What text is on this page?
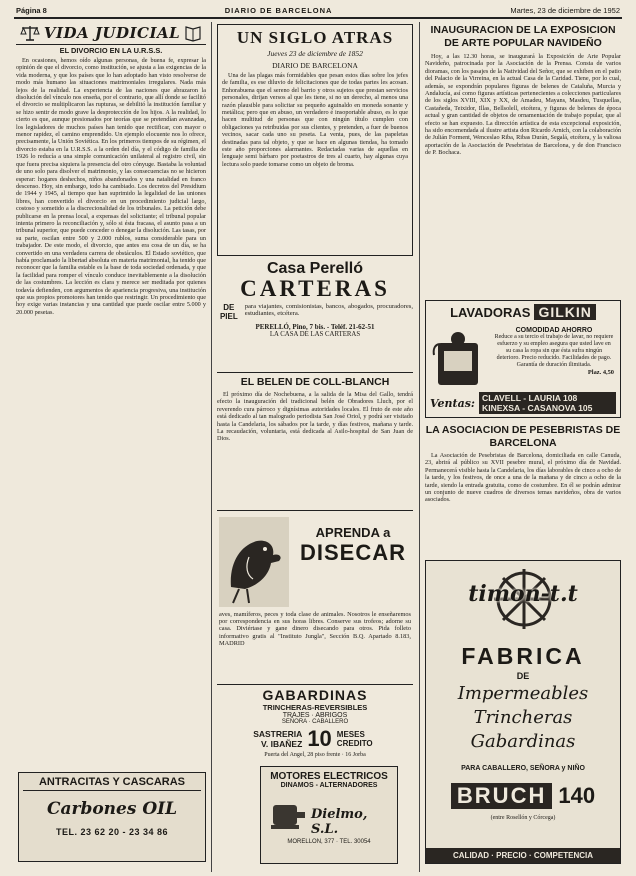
Página 8	DIARIO DE BARCELONA	Martes, 23 de diciembre de 1952
VIDA JUDICIAL
EL DIVORCIO EN LA U.R.S.S.
En ocasiones, hemos oído algunas personas, de buena fe, expresar la opinión de que el divorcio, como institución, se ajusta a las exigencias de la vida moderna, y que los países que lo han adoptado han visto resolverse de modo más humano las situaciones matrimoniales irregulares. Nada más lejos de la realidad. La experiencia de las naciones que abrazaron la disolución del vínculo nos enseña, por el contrario, que allí donde se facilitó el divorcio se multiplicaron las rupturas, se debilitó la institución familiar y se hizo sentir de modo grave la desprotección de los hijos. A la realidad, lo cierto es que, aunque presionados por teorías que se pretendían avanzadas, los legisladores de muchos países han tenido que rectificar, con mayor o menor rapidez, el camino emprendido. Un ejemplo elocuente nos lo ofrece, precisamente, la Unión Soviética. En los primeros tiempos de su régimen, el divorcio estaba en la U.R.S.S. a la orden del día, y el código de familia de 1926 lo reducía a una simple comunicación unilateral al registro civil, sin que fuera precisa siquiera la presencia del otro cónyuge. Bastaba la voluntad de uno solo para disolver el matrimonio, y las consecuencias no se hicieron esperar: hogares deshechos, niños abandonados y una natalidad en franco descenso. Hoy, sin embargo, todo ha cambiado. Los decretos del Presidium de 1944 y 1945, al tiempo que han suprimido la legalidad de las uniones libres, han convertido el divorcio en un procedimiento judicial largo, costoso y sometido a la discrecionalidad de los tribunales. La petición debe publicarse en la prensa local, a expensas del solicitante; el tribunal popular intenta primero la reconciliación y, sólo si ésta fracasa, el asunto pasa a un tribunal superior, que puede conceder o denegar la disolución. Las tasas, por su parte, oscilan entre 500 y 2.000 rublos, suma considerable para un trabajador. De este modo, el divorcio, que antes era cosa de un día, se ha convertido en una verdadera carrera de obstáculos. El Estado soviético, que había proclamado la libertad absoluta en materia matrimonial, ha tenido que reconocer que la familia estable es la base de toda sociedad ordenada, y que la facilidad para romper el vínculo conduce inevitablemente a la disolución de las costumbres. La lección es clara y merece ser meditada por quienes todavía defienden, con argumentos de apariencia progresiva, una institución que sus propios promotores han tenido que restringir. Un procedimiento que hoy exige varias instancias y una cantidad que puede oscilar entre 5.000 y 20.000 pesetas.
ANTRACITAS Y CASCARAS
Carbones OIL
TEL. 23 62 20 - 23 34 86
UN SIGLO ATRAS
Jueves 23 de diciembre de 1852
DIARIO DE BARCELONA
Una de las plagas más formidables que pesan estos días sobre los jefes de familia, es ese diluvio de felicitaciones que de todas partes les acosan. Enhorabuena que el sereno del barrio y otros sujetos que prestan servicios personales, dirijan versos al que les tiene, si no un derecho, al menos una razón plausible para solicitar su pequeño aguinaldo en moneda sonante y metálica; pero que en abuso, un verdadero é insoportable abuso, es lo que hacen multitud de personas que con ningún título cumplen con obligaciones ya retribuidas por sus clientes, y pretenden, a fuer de buenos vecinos, sacar cada uno su peseta. La venta, pues, de las papeletas destinadas para tal objeto, y que se hace en algunas tiendas, ha tomado este año proporciones alarmantes. Redactadas varias de aquellas en lenguaje semi bárbaro por poetastros de tres al cuarto, hay algunas cuya lectura solo puede tomarse como un objeto de broma.
Casa Perelló
CARTERAS
DE PIEL
para viajantes, comisionistas, bancos, abogados, procuradores, estudiantes, etcétera.
PERELLÓ, Pino, 7 bis. - Teléf. 21-62-51
LA CASA DE LAS CARTERAS
EL BELEN DE COLL-BLANCH
El próximo día de Nochebuena, a la salida de la Misa del Gallo, tendrá efecto la inauguración del tradicional belén de Obradores Lluch, por el reverendo cura párroco y dignísimas autoridades locales. El fruto de este año está dedicado al tan malogrado periodista San José Oriol, y podrá ser visitado hasta la Candelaria, los sábados por la tarde, y días festivos, mañana y tarde. La recaudación, voluntaria, está dedicada al Asilo-hospital de San Juan de Dios.
APRENDA a
DISECAR
aves, mamíferos, peces y toda clase de animales. Nosotros le enseñaremos por correspondencia en sus horas libres. Conserve sus trofeos; adorne su casa. Diviértase y gane dinero disecando para otros. Pida folleto informativo gratis al "Instituto Jungla", Sección B.Q. Apartado 8.183, MADRID
GABARDINAS
TRINCHERAS-REVERSIBLES
TRAJES · ABRIGOS
SEÑORA · CABALLERO
SASTRERIA
V. IBAÑEZ 10 MESES CREDITO
Puerta del Angel, 28 piso frente · 16 Jorba
MOTORES ELECTRICOS
DINAMOS - ALTERNADORES
Dielmo, S.L.
MORELLON, 377 · TEL. 30054
INAUGURACION DE LA EXPOSICION DE ARTE POPULAR NAVIDEÑO
Hoy, a las 12.30 horas, se inaugurará la Exposición de Arte Popular Navideño, patrocinada por la Asociación de la Prensa. Consta de varios dioramas, con los pasajes de la Natividad del Señor, que se exhiben en el patio del Palacio de la Virreina, en la actual Casa de la Caridad. Tiene, por lo cual, además, se expondrán populares figuras de belenes de Cataluña, Murcia y Andalucía, así como figuras artísticas pertenecientes a colecciones particulares de los siglos XVIII, XIX y XX, de Amadeu, Mayans, Masdeu, Tusquellas, Castañeda, Teixidor, Illas, Bellsolell, etcétera, y figuras de belenes de época actual y gran cantidad de objetos de ornamentación de trabajo popular, que al efecto se han expuesto. La dirección artística de esta excepcional exposición, ha sido encomendada al ilustre artista don Ricardo Arnich, con la colaboración de Julián Forment, Wenceslao Riba, Ribas Durán, Segalá, etcétera, y la valiosa aportación de la Asociación de Pesebristas de Barcelona, y de don Francisco de P. Bochaca.
LAVADORAS GILKIN
COMODIDAD AHORRO
Reduce a su tercio el trabajo de lavar, no requiere esfuerzo y su empleo asegura que usted lave en su casa la ropa sin que ésta sufra ningún deterioro. Precio reducido. Facilidades de pago. Garantía de duración ilimitada.
Plaz. 4,50
Ventas: CLAVELL - LAURIA 108
KINEXSA - CASANOVA 105
LA ASOCIACION DE PESEBRISTAS DE BARCELONA
La Asociación de Pesebristas de Barcelona, domiciliada en calle Canuda, 23, abrirá al público su XVII pesebre mural, el próximo día de Navidad. Permanecerá visible hasta la Candelaria, los días laborables de cinco a ocho de la tarde, y los festivos, de once a una de la mañana y de cinco a ocho de la tarde, siendo la entrada gratuita, como de costumbre. En él se podrán admirar un conjunto de nueve cuadros de diversos temas navideños, obra de varios asociados.
timon-t.t
FABRICA
DE
Impermeables
Trincheras
Gabardinas
PARA CABALLERO, SEÑORA y NIÑO
BRUCH 140
(entre Rosellón y Córcega)
CALIDAD · PRECIO · COMPETENCIA
